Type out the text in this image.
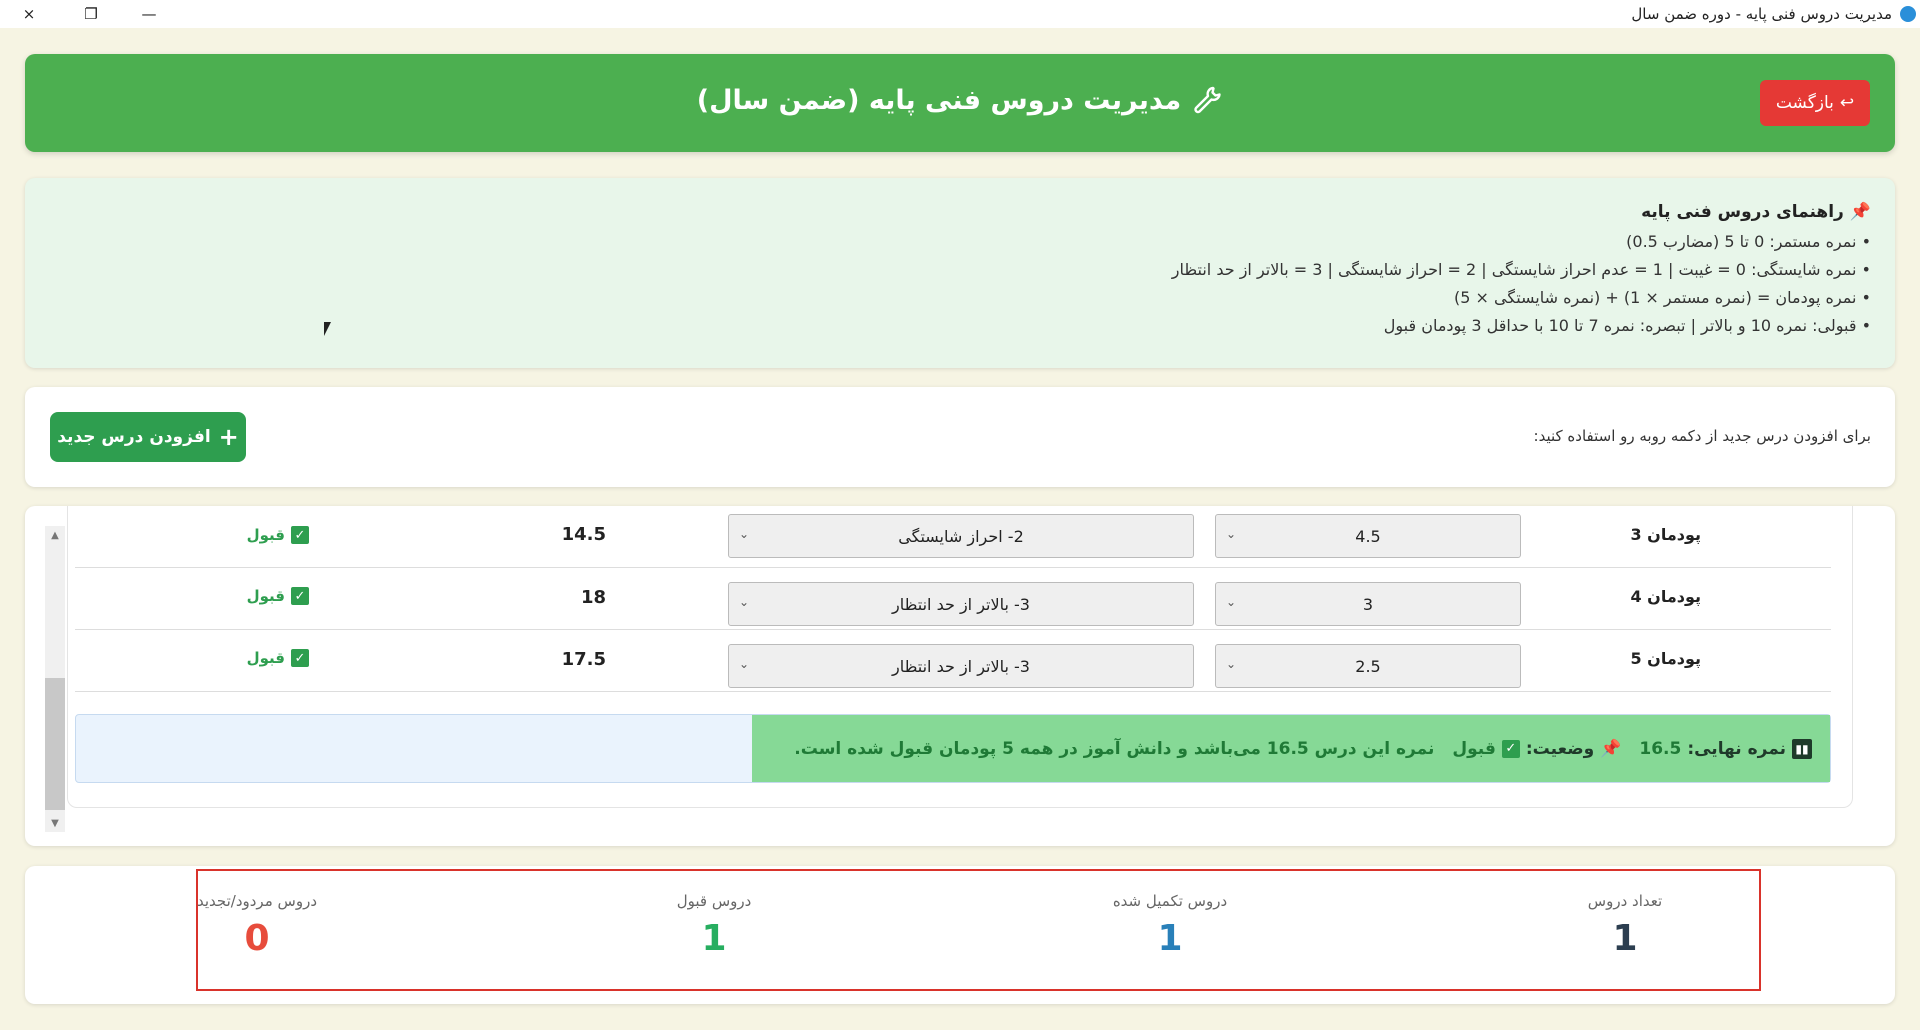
×	❐	—	مدیریت دروس فنی پایه - دوره ضمن سال
↩
بازگشت
مدیریت دروس فنی پایه (ضمن سال)
📌
راهنمای دروس فنی پایه
• نمره مستمر: 0 تا 5 (مضارب 0.5)
• نمره شایستگی: 0 = غیبت | 1 = عدم احراز شایستگی | 2 = احراز شایستگی | 3 = بالاتر از حد انتظار
• نمره پودمان = (نمره مستمر × 1) + (نمره شایستگی × 5)
• قبولی: نمره 10 و بالاتر | تبصره: نمره 7 تا 10 با حداقل 3 پودمان قبول
برای افزودن درس جدید از دکمه روبه رو استفاده کنید:
+
افزودن درس جدید
▲
▼
پودمان 3
4.5
⌄
2- احراز شایستگی
⌄
14.5
✓
قبول
پودمان 4
3
⌄
3- بالاتر از حد انتظار
⌄
18
✓
قبول
پودمان 5
2.5
⌄
3- بالاتر از حد انتظار
⌄
17.5
✓
قبول
▮▮
نمره نهایی:
16.5
📌
وضعیت:
✓
قبول
نمره این درس 16.5 می‌باشد و دانش آموز در همه 5 پودمان قبول شده است.
تعداد دروس
1
دروس تکمیل شده
1
دروس قبول
1
دروس مردود/تجدید
0
